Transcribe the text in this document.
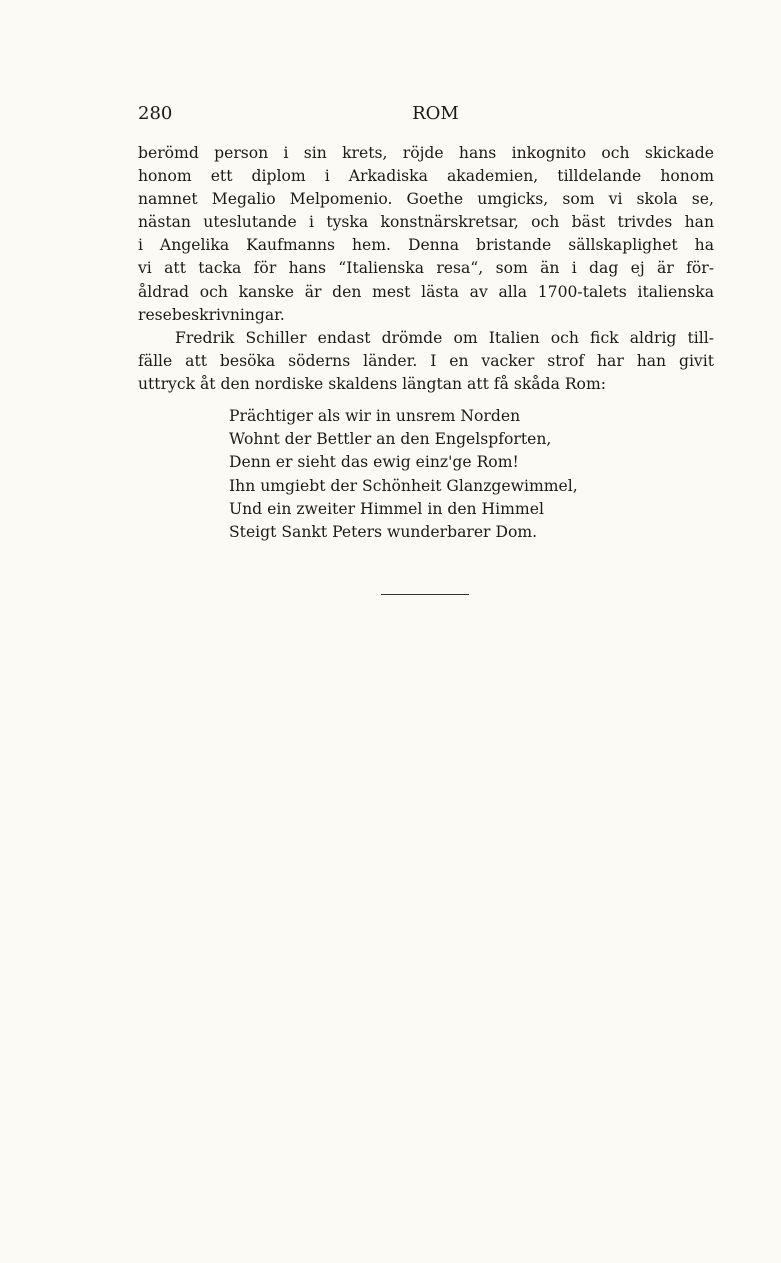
280	ROM
berömd person i sin krets, röjde hans inkognito och skickade
honom ett diplom i Arkadiska akademien, tilldelande honom
namnet Megalio Melpomenio. Goethe umgicks, som vi skola se,
nästan uteslutande i tyska konstnärskretsar, och bäst trivdes han
i Angelika Kaufmanns hem. Denna bristande sällskaplighet ha
vi att tacka för hans “Italienska resa“, som än i dag ej är för-
åldrad och kanske är den mest lästa av alla 1700-talets italienska
resebeskrivningar.
Fredrik Schiller endast drömde om Italien och fick aldrig till-
fälle att besöka söderns länder. I en vacker strof har han givit
uttryck åt den nordiske skaldens längtan att få skåda Rom:
Prächtiger als wir in unsrem Norden
Wohnt der Bettler an den Engelspforten,
Denn er sieht das ewig einz'ge Rom!
Ihn umgiebt der Schönheit Glanzgewimmel,
Und ein zweiter Himmel in den Himmel
Steigt Sankt Peters wunderbarer Dom.
